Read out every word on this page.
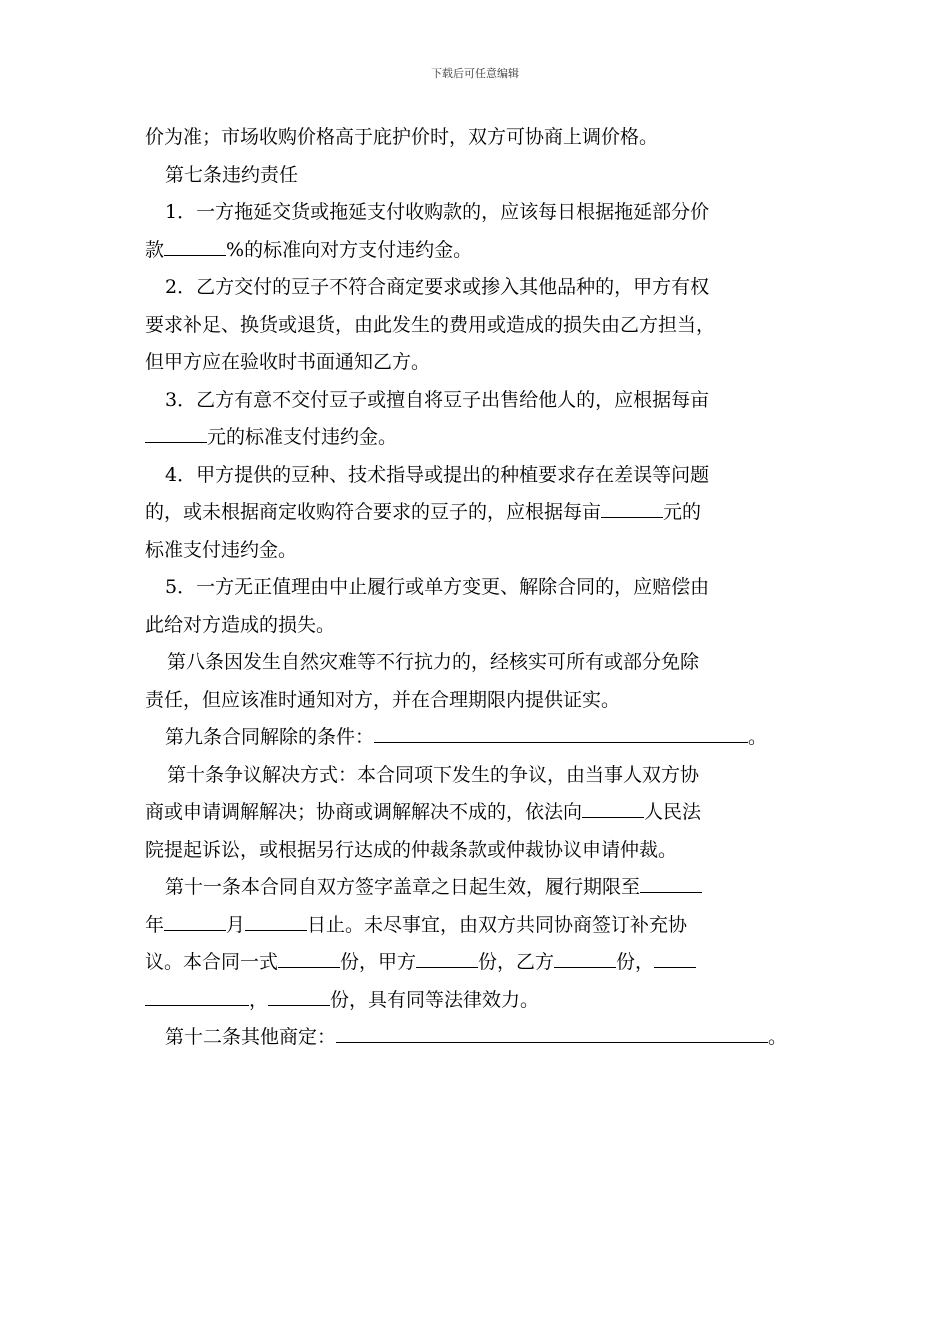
下载后可任意编辑
价为准；市场收购价格高于庇护价时，双方可协商上调价格。
第七条违约责任
1．一方拖延交货或拖延支付收购款的，应该每日根据拖延部分价
款	%的标准向对方支付违约金。
2．乙方交付的豆子不符合商定要求或掺入其他品种的，甲方有权
要求补足、换货或退货，由此发生的费用或造成的损失由乙方担当，
但甲方应在验收时书面通知乙方。
3．乙方有意不交付豆子或擅自将豆子出售给他人的，应根据每亩
元的标准支付违约金。
4．甲方提供的豆种、技术指导或提出的种植要求存在差误等问题
的，或未根据商定收购符合要求的豆子的，应根据每亩	元的
标准支付违约金。
5．一方无正值理由中止履行或单方变更、解除合同的，应赔偿由
此给对方造成的损失。
第八条因发生自然灾难等不行抗力的，经核实可所有或部分免除
责任，但应该准时通知对方，并在合理期限内提供证实。
第九条合同解除的条件：	。
第十条争议解决方式：本合同项下发生的争议，由当事人双方协
商或申请调解解决；协商或调解解决不成的，依法向	人民法
院提起诉讼，或根据另行达成的仲裁条款或仲裁协议申请仲裁。
第十一条本合同自双方签字盖章之日起生效，履行期限至
年	月	日止。未尽事宜，由双方共同协商签订补充协
议。本合同一式	份，甲方	份，乙方	份，
，	份，具有同等法律效力。
第十二条其他商定：	。
